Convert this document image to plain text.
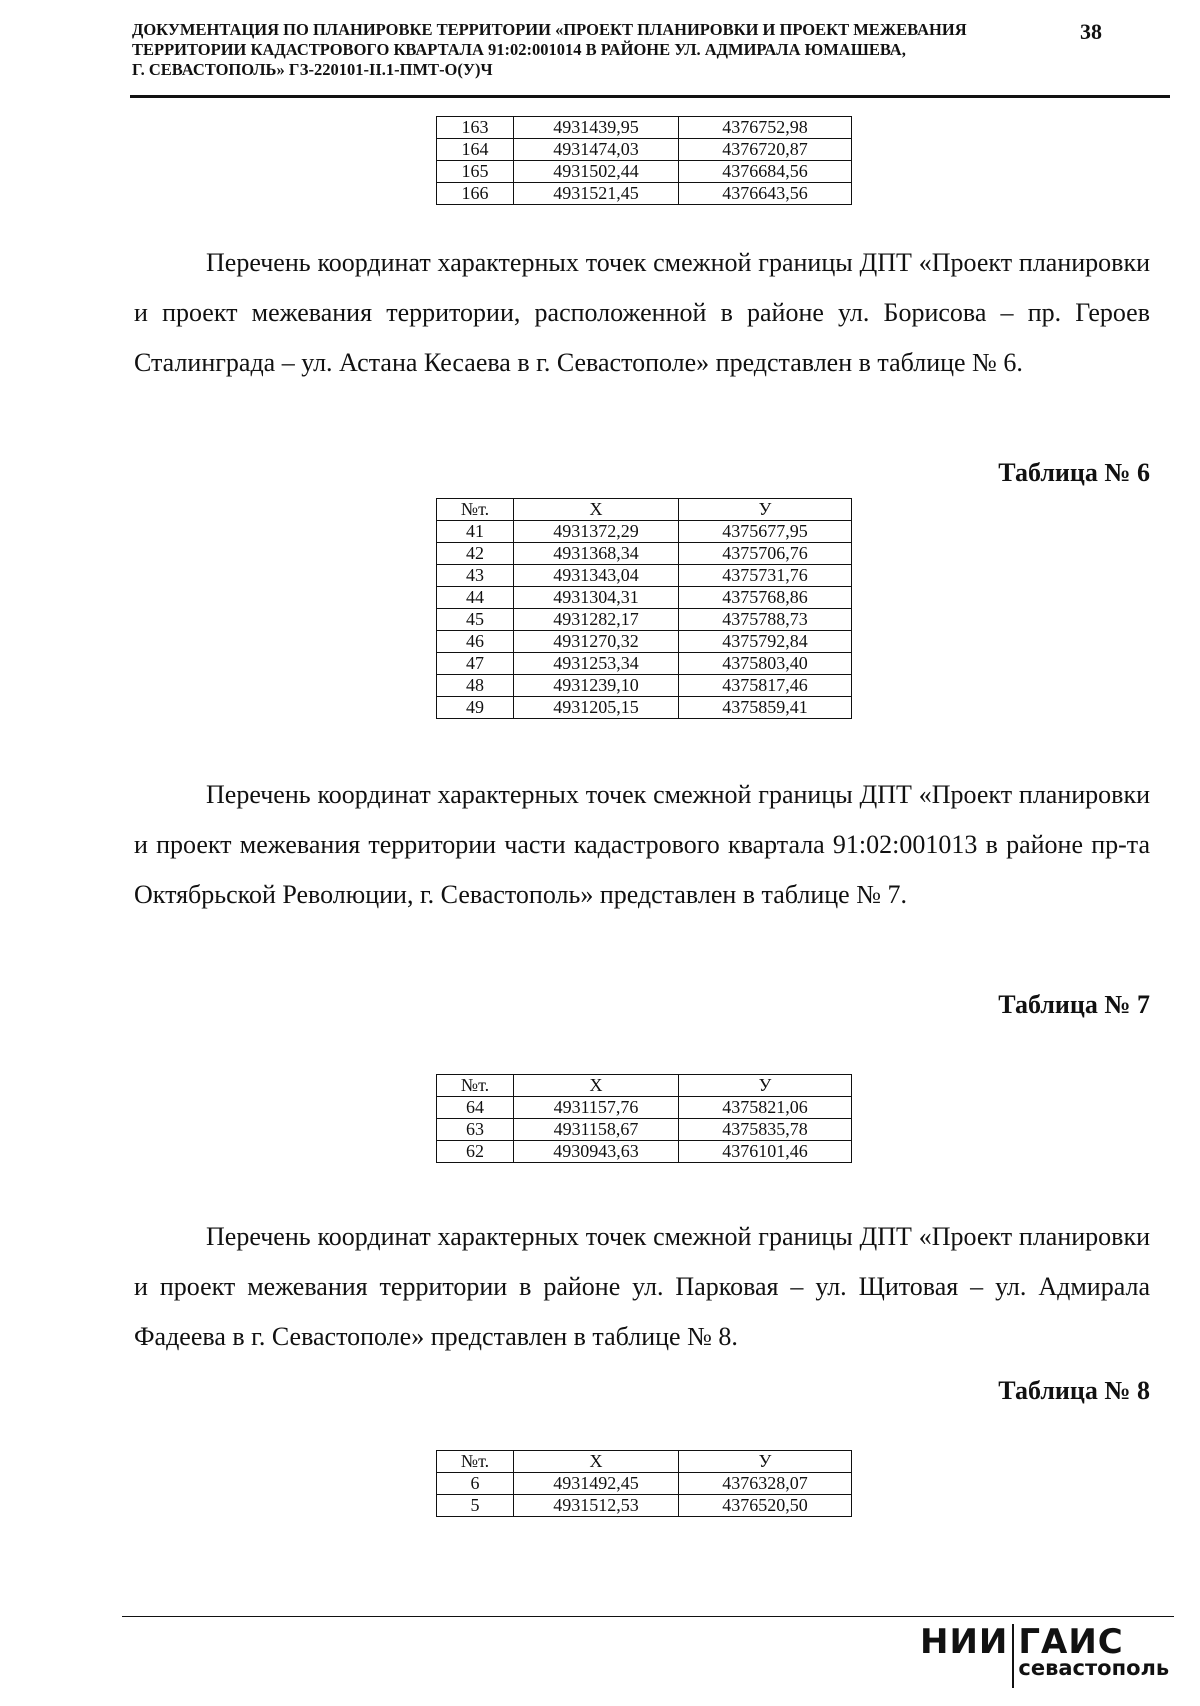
ДОКУМЕНТАЦИЯ ПО ПЛАНИРОВКЕ ТЕРРИТОРИИ «ПРОЕКТ ПЛАНИРОВКИ И ПРОЕКТ МЕЖЕВАНИЯ
ТЕРРИТОРИИ КАДАСТРОВОГО КВАРТАЛА 91:02:001014 В РАЙОНЕ УЛ. АДМИРАЛА ЮМАШЕВА,
Г. СЕВАСТОПОЛЬ» ГЗ-220101-II.1-ПМТ-О(У)Ч
38
163	4931439,95	4376752,98
164	4931474,03	4376720,87
165	4931502,44	4376684,56
166	4931521,45	4376643,56

Перечень координат характерных точек смежной границы ДПТ «Проект планировки и проект межевания территории, расположенной в районе ул. Борисова – пр. Героев Сталинграда – ул. Астана Кесаева в г. Севастополе» представлен в таблице № 6.

Таблица № 6
№т.	X	У
41	4931372,29	4375677,95
42	4931368,34	4375706,76
43	4931343,04	4375731,76
44	4931304,31	4375768,86
45	4931282,17	4375788,73
46	4931270,32	4375792,84
47	4931253,34	4375803,40
48	4931239,10	4375817,46
49	4931205,15	4375859,41

Перечень координат характерных точек смежной границы ДПТ «Проект планировки и проект межевания территории части кадастрового квартала 91:02:001013 в районе пр-та Октябрьской Революции, г. Севастополь» представлен в таблице № 7.

Таблица № 7
№т.	X	У
64	4931157,76	4375821,06
63	4931158,67	4375835,78
62	4930943,63	4376101,46

Перечень координат характерных точек смежной границы ДПТ «Проект планировки и проект межевания территории в районе ул. Парковая – ул. Щитовая – ул. Адмирала Фадеева в г. Севастополе» представлен в таблице № 8.

Таблица № 8
№т.	X	У
6	4931492,45	4376328,07
5	4931512,53	4376520,50
НИИ ГАИС
севастополь
